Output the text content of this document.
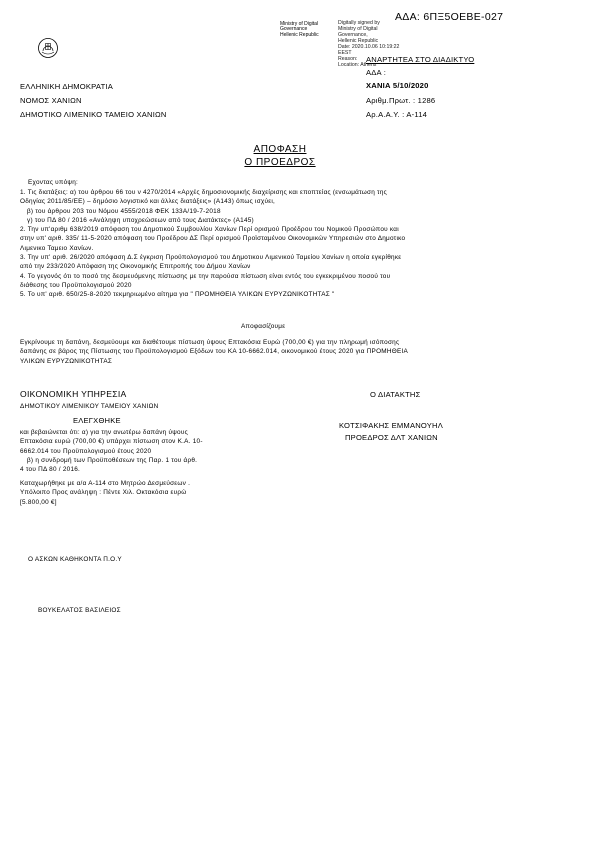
ΑΔΑ: 6ΠΞ5ΟΕΒΕ-027
Ministry of Digital
Governance
Hellenic Republic
Digitally signed by
Ministry of Digital
Governance,
Hellenic Republic
Date: 2020.10.06 10:19:22
EEST
Reason:
Location: Athens
ΑΝΑΡΤΗΤΕΑ ΣΤΟ ΔΙΑΔΙΚΤΥΟ
ΑΔΑ :
ΧΑΝΙΑ 5/10/2020
Αριθμ.Πρωτ. : 1286
Αρ.Α.Α.Υ. : Α-114
ΕΛΛΗΝΙΚΗ ΔΗΜΟΚΡΑΤΙΑ
ΝΟΜΟΣ ΧΑΝΙΩΝ
ΔΗΜΟΤΙΚΟ ΛΙΜΕΝΙΚΟ ΤΑΜΕΙΟ ΧΑΝΙΩΝ
ΑΠΟΦΑΣΗ
Ο ΠΡΟΕΔΡΟΣ
Εχοντας υπόψη:
1. Τις διατάξεις: α) του άρθρου 66 του ν 4270/2014 «Αρχές δημοσιονομικής διαχείρισης και εποπτείας (ενσωμάτωση της
Οδηγίας 2011/85/ΕΕ) – δημόσιο λογιστικό και άλλες διατάξεις» (Α143) όπως ισχύει,
β) του άρθρου 203 του Νόμου 4555/2018 ΦΕΚ 133Α/19-7-2018
γ) του ΠΔ 80 / 2016 «Ανάληψη υποχρεώσεων από τους Διατάκτες» (Α145)
2. Την υπ'αριθμ 638/2019 απόφαση του Δημοτικού Συμβουλίου Χανίων Περί ορισμού Προέδρου του Νομικού Προσώπου και
στην υπ' αριθ. 335/ 11-5-2020 απόφαση του Προέδρου ΔΣ Περί ορισμού Προϊσταμένου Οικονομικών Υπηρεσιών στο Δημοτικο
Λιμενικο Ταμειο Χανίων.
3. Την υπ' αριθ. 26/2020 απόφαση Δ.Σ έγκριση Προϋπολογισμού του Δημοτικου Λιμενικού Ταμείου Χανίων η οποία εγκρίθηκε
από την 233/2020 Απόφαση της Οικονομικής Επιτροπής του Δήμου Χανίων
4. Το γεγονός ότι το ποσό της δεσμευόμενης πίστωσης με την παρούσα πίστωση είναι εντός του εγκεκριμένου ποσού του
διάθεσης του Προϋπολογισμού 2020
5. Το υπ' αριθ. 650/25-8-2020 τεκμηριωμένο αίτημα για " ΠΡΟΜΗΘΕΙΑ ΥΛΙΚΩΝ ΕΥΡΥΖΩΝΙΚΟΤΗΤΑΣ "
Αποφασίζουμε
Εγκρίνουμε τη δαπάνη, δεσμεύουμε και διαθέτουμε πίστωση ύψους Επτακόσια Ευρώ (700,00 €) για την πληρωμή ισόποσης
δαπάνης σε βάρος της Πίστωσης του Προϋπολογισμού Εξόδων του ΚΑ 10-6662.014, οικονομικού έτους 2020 για ΠΡΟΜΗΘΕΙΑ
ΥΛΙΚΩΝ ΕΥΡΥΖΩΝΙΚΟΤΗΤΑΣ
ΟΙΚΟΝΟΜΙΚΗ ΥΠΗΡΕΣΙΑ
ΔΗΜΟΤΙΚΟΥ ΛΙΜΕΝΙΚΟΥ ΤΑΜΕΙΟΥ ΧΑΝΙΩΝ
ΕΛΕΓΧΘΗΚΕ
και βεβαιώνεται ότι: α) για την ανωτέρω δαπάνη ύψους
Επτακόσια ευρώ (700,00 €) υπάρχει πίστωση στον Κ.Α. 10-
6662.014 του Προϋπολογισμού έτους 2020
β) η συνδρομή των Προϋποθέσεων της Παρ. 1 του άρθ.
4 του ΠΔ 80 / 2016.
Καταχωρήθηκε με α/α Α-114 στο Μητρώο Δεσμεύσεων .
Υπόλοιπο Προς ανάληψη : Πέντε Χιλ. Οκτακόσια ευρώ
[5.800,00 €]
Ο ΔΙΑΤΑΚΤΗΣ
ΚΟΤΣΙΦΑΚΗΣ ΕΜΜΑΝΟΥΗΛ
ΠΡΟΕΔΡΟΣ ΔΛΤ ΧΑΝΙΩΝ
Ο ΑΣΚΩΝ ΚΑΘΗΚΟΝΤΑ Π.Ο.Υ
ΒΟΥΚΕΛΑΤΟΣ ΒΑΣΙΛΕΙΟΣ
